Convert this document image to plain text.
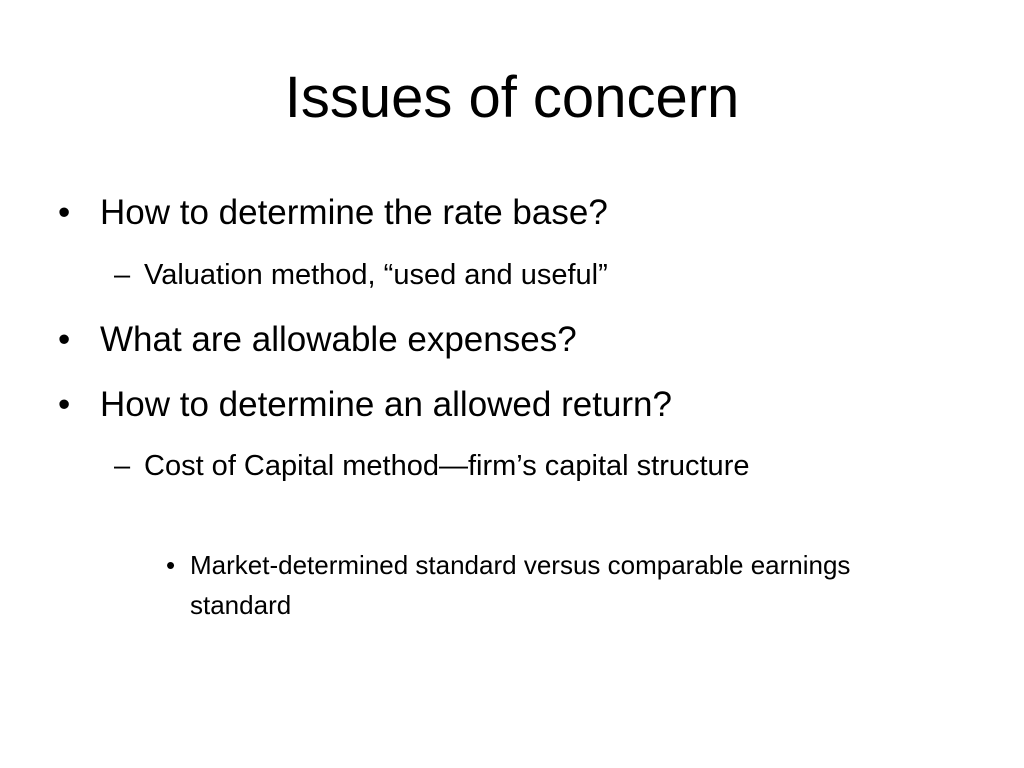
Issues of concern
• How to determine the rate base?
– Valuation method, “used and useful”
• What are allowable expenses?
• How to determine an allowed return?
– Cost of Capital method—firm’s capital structure
• Market-determined standard versus comparable earnings standard
